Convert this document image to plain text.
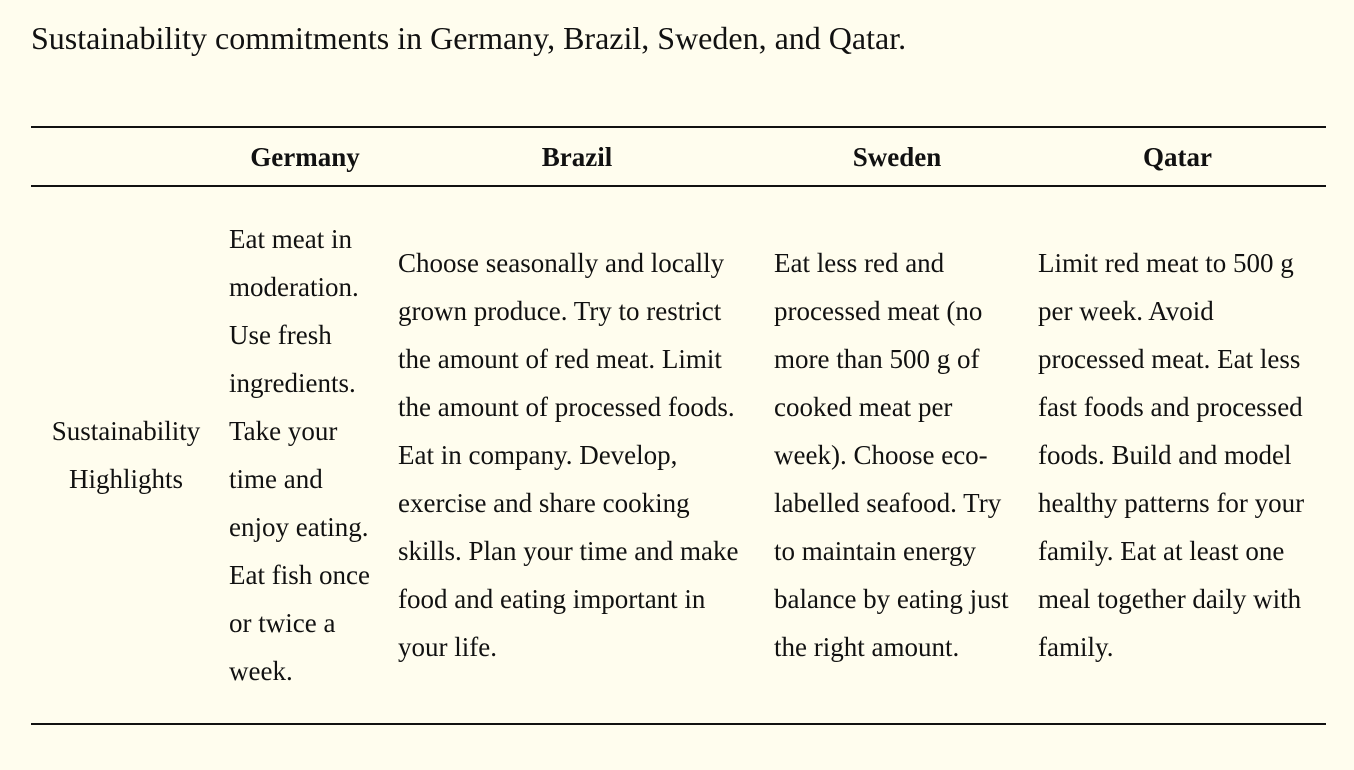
Sustainability commitments in Germany, Brazil, Sweden, and Qatar.
	Germany	Brazil	Sweden	Qatar
Sustainability Highlights	Eat meat in moderation. Use fresh ingredients. Take your time and enjoy eating. Eat fish once or twice a week.	Choose seasonally and locally grown produce. Try to restrict the amount of red meat. Limit the amount of processed foods. Eat in company. Develop, exercise and share cooking skills. Plan your time and make food and eating important in your life.	Eat less red and processed meat (no more than 500 g of cooked meat per week). Choose eco-labelled seafood. Try to maintain energy balance by eating just the right amount.	Limit red meat to 500 g per week. Avoid processed meat. Eat less fast foods and processed foods. Build and model healthy patterns for your family. Eat at least one meal together daily with family.
